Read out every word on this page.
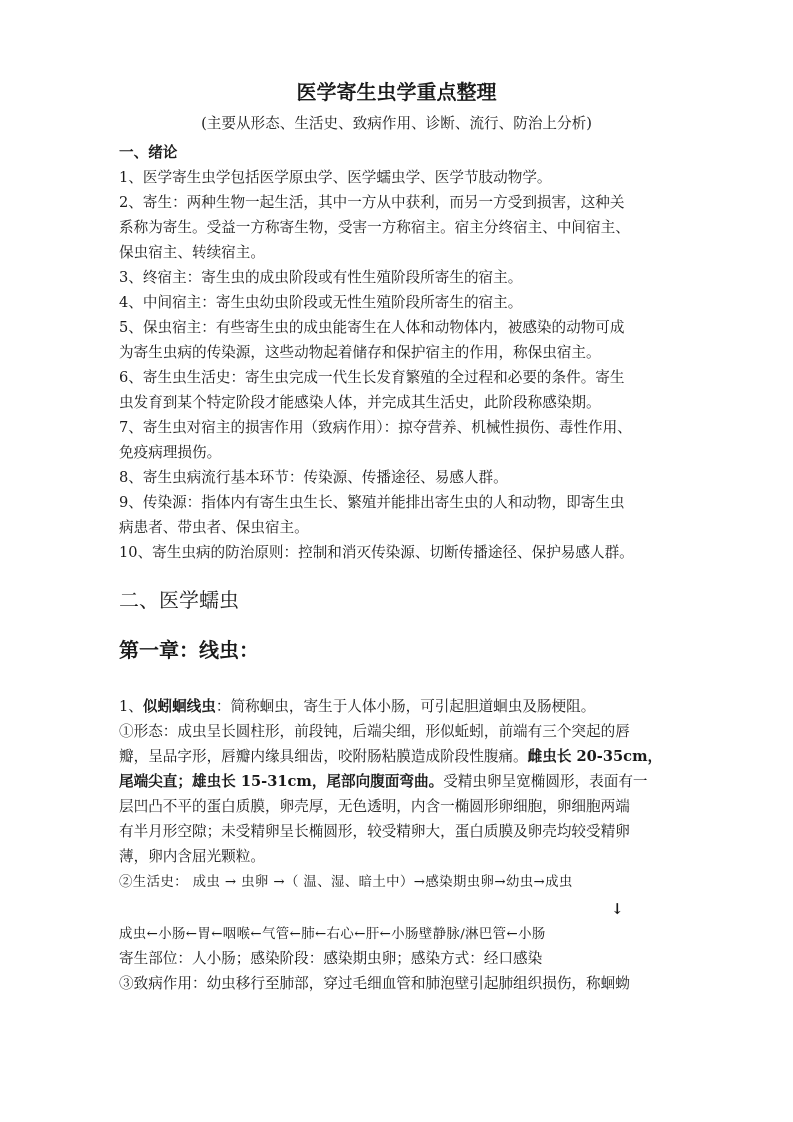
医学寄生虫学重点整理
(主要从形态、生活史、致病作用、诊断、流行、防治上分析)
一、绪论
1、医学寄生虫学包括医学原虫学、医学蠕虫学、医学节肢动物学。
2、寄生：两种生物一起生活，其中一方从中获利，而另一方受到损害，这种关
系称为寄生。受益一方称寄生物，受害一方称宿主。宿主分终宿主、中间宿主、
保虫宿主、转续宿主。
3、终宿主：寄生虫的成虫阶段或有性生殖阶段所寄生的宿主。
4、中间宿主：寄生虫幼虫阶段或无性生殖阶段所寄生的宿主。
5、保虫宿主：有些寄生虫的成虫能寄生在人体和动物体内，被感染的动物可成
为寄生虫病的传染源，这些动物起着储存和保护宿主的作用，称保虫宿主。
6、寄生虫生活史：寄生虫完成一代生长发育繁殖的全过程和必要的条件。寄生
虫发育到某个特定阶段才能感染人体，并完成其生活史，此阶段称感染期。
7、寄生虫对宿主的损害作用（致病作用）：掠夺营养、机械性损伤、毒性作用、
免疫病理损伤。
8、寄生虫病流行基本环节：传染源、传播途径、易感人群。
9、传染源：指体内有寄生虫生长、繁殖并能排出寄生虫的人和动物，即寄生虫
病患者、带虫者、保虫宿主。
10、寄生虫病的防治原则：控制和消灭传染源、切断传播途径、保护易感人群。
二、医学蠕虫
第一章：线虫：
1、似蚓蛔线虫：简称蛔虫，寄生于人体小肠，可引起胆道蛔虫及肠梗阻。
①形态：成虫呈长圆柱形，前段钝，后端尖细，形似蚯蚓，前端有三个突起的唇
瓣，呈品字形，唇瓣内缘具细齿，咬附肠粘膜造成阶段性腹痛。雌虫长 20-35cm，
尾端尖直；雄虫长 15-31cm，尾部向腹面弯曲。受精虫卵呈宽椭圆形，表面有一
层凹凸不平的蛋白质膜，卵壳厚，无色透明，内含一椭圆形卵细胞，卵细胞两端
有半月形空隙；未受精卵呈长椭圆形，较受精卵大，蛋白质膜及卵壳均较受精卵
薄，卵内含屈光颗粒。
②生活史： 成虫 → 虫卵 →（ 温、湿、暗土中）→感染期虫卵→幼虫→成虫
↓
成虫←小肠←胃←咽喉←气管←肺←右心←肝←小肠壁静脉/淋巴管←小肠
寄生部位：人小肠；感染阶段：感染期虫卵；感染方式：经口感染
③致病作用：幼虫移行至肺部，穿过毛细血管和肺泡壁引起肺组织损伤，称蛔蚴
